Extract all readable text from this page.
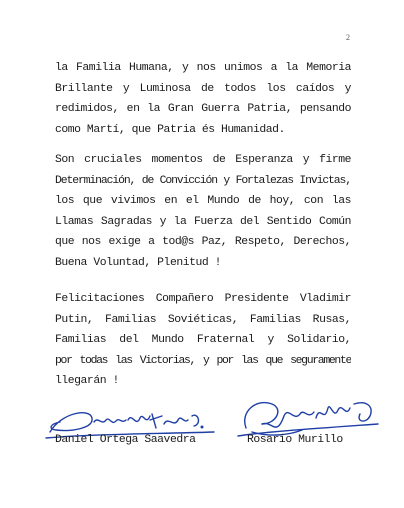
2
la Familia Humana, y nos unimos a la Memoria
Brillante y Luminosa de todos los caídos y
redimidos, en la Gran Guerra Patria, pensando
como Martí, que Patria és Humanidad.
Son cruciales momentos de Esperanza y firme
Determinación, de Convicción y Fortalezas Invictas,
los que vivimos en el Mundo de hoy, con las
Llamas Sagradas y la Fuerza del Sentido Común
que nos exige a tod@s Paz, Respeto, Derechos,
Buena Voluntad, Plenitud !
Felicitaciones Compañero Presidente Vladimir
Putin, Familias Soviéticas, Familias Rusas,
Familias del Mundo Fraternal y Solidario,
por todas las Victorias, y por las que seguramente
llegarán !
Daniel Ortega Saavedra	Rosario Murillo
